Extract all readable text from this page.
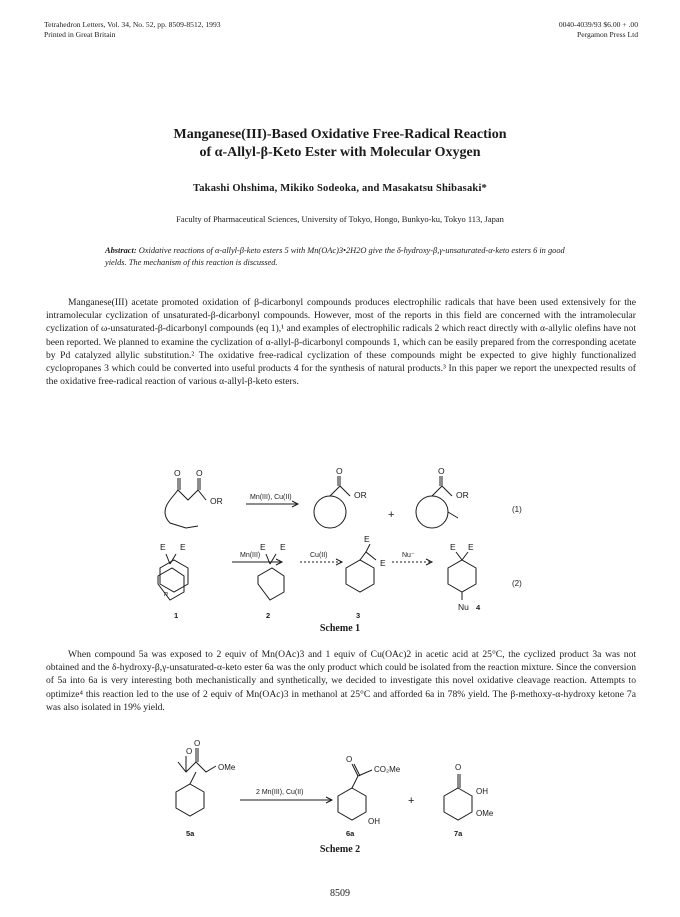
Tetrahedron Letters, Vol. 34, No. 52, pp. 8509-8512, 1993
Printed in Great Britain
0040-4039/93 $6.00 + .00
Pergamon Press Ltd
Manganese(III)-Based Oxidative Free-Radical Reaction
of α-Allyl-β-Keto Ester with Molecular Oxygen
Takashi Ohshima, Mikiko Sodeoka, and Masakatsu Shibasaki*
Faculty of Pharmaceutical Sciences, University of Tokyo, Hongo, Bunkyo-ku, Tokyo 113, Japan
Abstract: Oxidative reactions of α-allyl-β-keto esters 5 with Mn(OAc)3•2H2O give the δ-hydroxy-β,γ-unsaturated-α-keto esters 6 in good yields. The mechanism of this reaction is discussed.

Manganese(III) acetate promoted oxidation of β-dicarbonyl compounds produces electrophilic radicals that have been used extensively for the intramolecular cyclization of unsaturated-β-dicarbonyl compounds. However, most of the reports in this field are concerned with the intramolecular cyclization of ω-unsaturated-β-dicarbonyl compounds (eq 1),¹ and examples of electrophilic radicals 2 which react directly with α-allylic olefins have not been reported. We planned to examine the cyclization of α-allyl-β-dicarbonyl compounds 1, which can be easily prepared from the corresponding acetate by Pd catalyzed allylic substitution.² The oxidative free-radical cyclization of these compounds might be expected to give highly functionalized cyclopropanes 3 which could be converted into useful products 4 for the synthesis of natural products.³ In this paper we report the unexpected results of the oxidative free-radical reaction of various α-allyl-β-keto esters.

O O
OR	Mn(III), Cu(II)
O
OR
+
O
OR
(1)
E E
n
Mn(III)
E E
Cu(II)
E
E
Nu⁻
E E
Nu
(2)
1	2	3
4
Scheme 1

When compound 5a was exposed to 2 equiv of Mn(OAc)3 and 1 equiv of Cu(OAc)2 in acetic acid at 25°C, the cyclized product 3a was not obtained and the δ-hydroxy-β,γ-unsaturated-α-keto ester 6a was the only product which could be isolated from the reaction mixture. Since the conversion of 5a into 6a is very interesting both mechanistically and synthetically, we decided to investigate this novel oxidative cleavage reaction. Attempts to optimize⁴ this reaction led to the use of 2 equiv of Mn(OAc)3 in methanol at 25°C and afforded 6a in 78% yield. The β-methoxy-α-hydroxy ketone 7a was also isolated in 19% yield.

O
O
OMe
2 Mn(III), Cu(II)
O
CO₂Me
OH
+
O
OH
OMe
5a	6a	7a
Scheme 2
8509
